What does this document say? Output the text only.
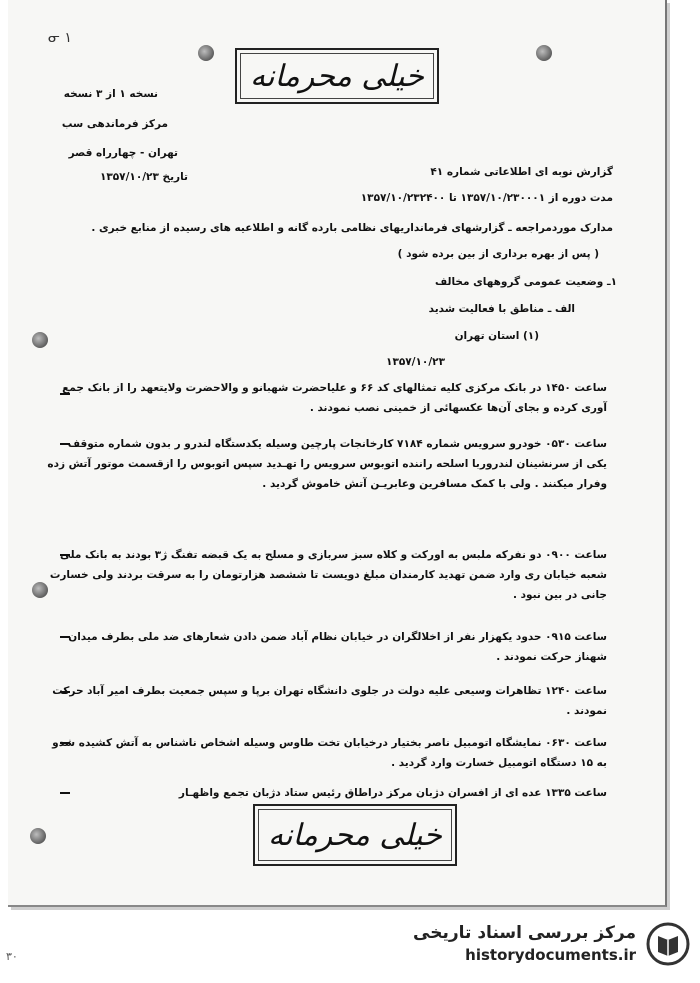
ᓂ ۱
خیلی محرمانه
نسخه ۱ از ۳ نسخه
مرکز فرماندهی سب
تهران - چهارراه قصر
تاریخ ۱۳۵۷/۱۰/۲۳	گزارش نوبه ای اطلاعاتی شماره ۴۱
مدت دوره از ۱۳۵۷/۱۰/۲۳۰۰۰۱ تا ۱۳۵۷/۱۰/۲۳۲۴۰۰
مدارک موردمراجعه ـ گزارشهای فرمانداریهای نظامی بارده گانه و اطلاعیه های رسیده از منابع خبری .
( پس از بهره برداری از بین برده شود )
۱ـ وضعیت عمومی گروههای مخالف
الف ـ مناطق با فعالیت شدید
(۱) استان تهران
۱۳۵۷/۱۰/۲۳
ساعت ۱۴۵۰ در بانک مرکزی کلیه تمثالهای کد ۶۶ و علیاحضرت شهبانو و والاحضرت ولایتعهد را از بانک جمع آوری کرده و بجای آن‌ها عکسهائی از خمینی نصب نمودند .
ساعت ۰۵۳۰ خودرو سرویس شماره ۷۱۸۴ کارخانجات پارچین وسیله یکدستگاه لندرو ر بدون شماره متوقف یکی از سرنشینان لندروربا اسلحه راننده اتوبوس سرویس را تهـدید سپس اتوبوس را ازقسمت موتور آتش زده وفرار میکنند . ولی با کمک مسافرین وعابریـن آتش خاموش گردید .
ساعت ۰۹۰۰ دو نفرکه ملبس به اورکت و کلاه سبز سربازی و مسلح به یک قبضه تفنگ ژ۳ بودند به بانک ملی شعبه خیابان ری وارد ضمن تهدید کارمندان مبلغ دویست تا ششصد هزارتومان را به سرقت بردند ولی خسارت جانی در بین نبود .
ساعت ۰۹۱۵ حدود یکهزار نفر از اخلالگران در خیابان نظام آباد ضمن دادن شعارهای ضد ملی بطرف میدان شهناز حرکت نمودند .
ساعت ۱۲۴۰ تظاهرات وسیعی علیه دولت در جلوی دانشگاه تهران برپا و سپس جمعیت بطرف امیر آباد حرکت نمودند .
ساعت ۰۶۳۰ نمایشگاه اتومبیل ناصر بختیار درخیابان تخت طاوس وسیله اشخاص ناشناس به آتش کشیده شدو به ۱۵ دستگاه اتومبیل خسارت وارد گردید .
ساعت ۱۳۳۵ عده ای از افسران دژبان مرکز دراطاق رئیس ستاد دژبان تجمع واظهـار
خیلی محرمانه
مرکز بررسی اسناد تاریخی
historydocuments.ir
۳۰
